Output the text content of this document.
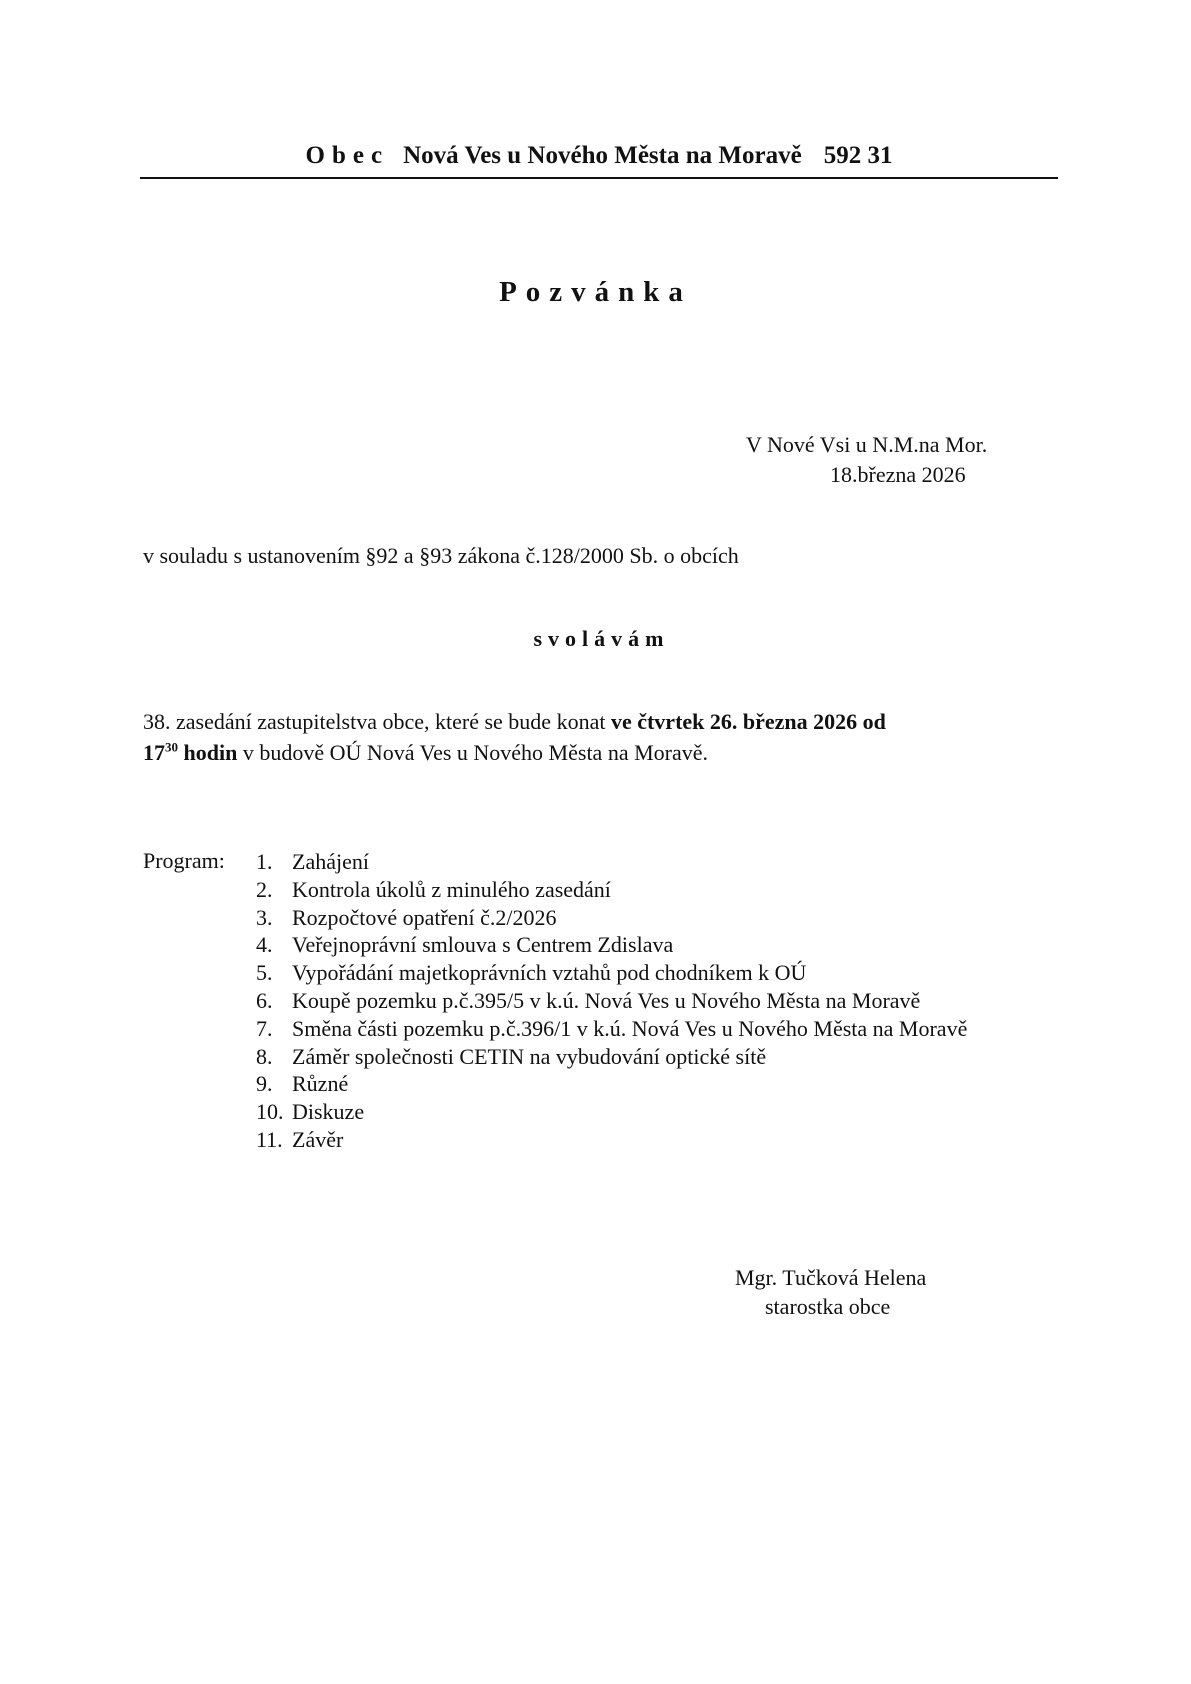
Obec Nová Ves u Nového Města na Moravě 592 31
Pozvánka
V Nové Vsi u N.M.na Mor.
18.března 2026
v souladu s ustanovením §92 a §93 zákona č.128/2000 Sb. o obcích
svolávám
38. zasedání zastupitelstva obce, které se bude konat ve čtvrtek 26. března 2026 od
$17^{30}$ hodin v budově OÚ Nová Ves u Nového Města na Moravě.
Program: 1. Zahájení
2. Kontrola úkolů z minulého zasedání
3. Rozpočtové opatření č.2/2026
4. Veřejnoprávní smlouva s Centrem Zdislava
5. Vypořádání majetkoprávních vztahů pod chodníkem k OÚ
6. Koupě pozemku p.č.395/5 v k.ú. Nová Ves u Nového Města na Moravě
7. Směna části pozemku p.č.396/1 v k.ú. Nová Ves u Nového Města na Moravě
8. Záměr společnosti CETIN na vybudování optické sítě
9. Různé
10. Diskuze
11. Závěr
Mgr. Tučková Helena
starostka obce
